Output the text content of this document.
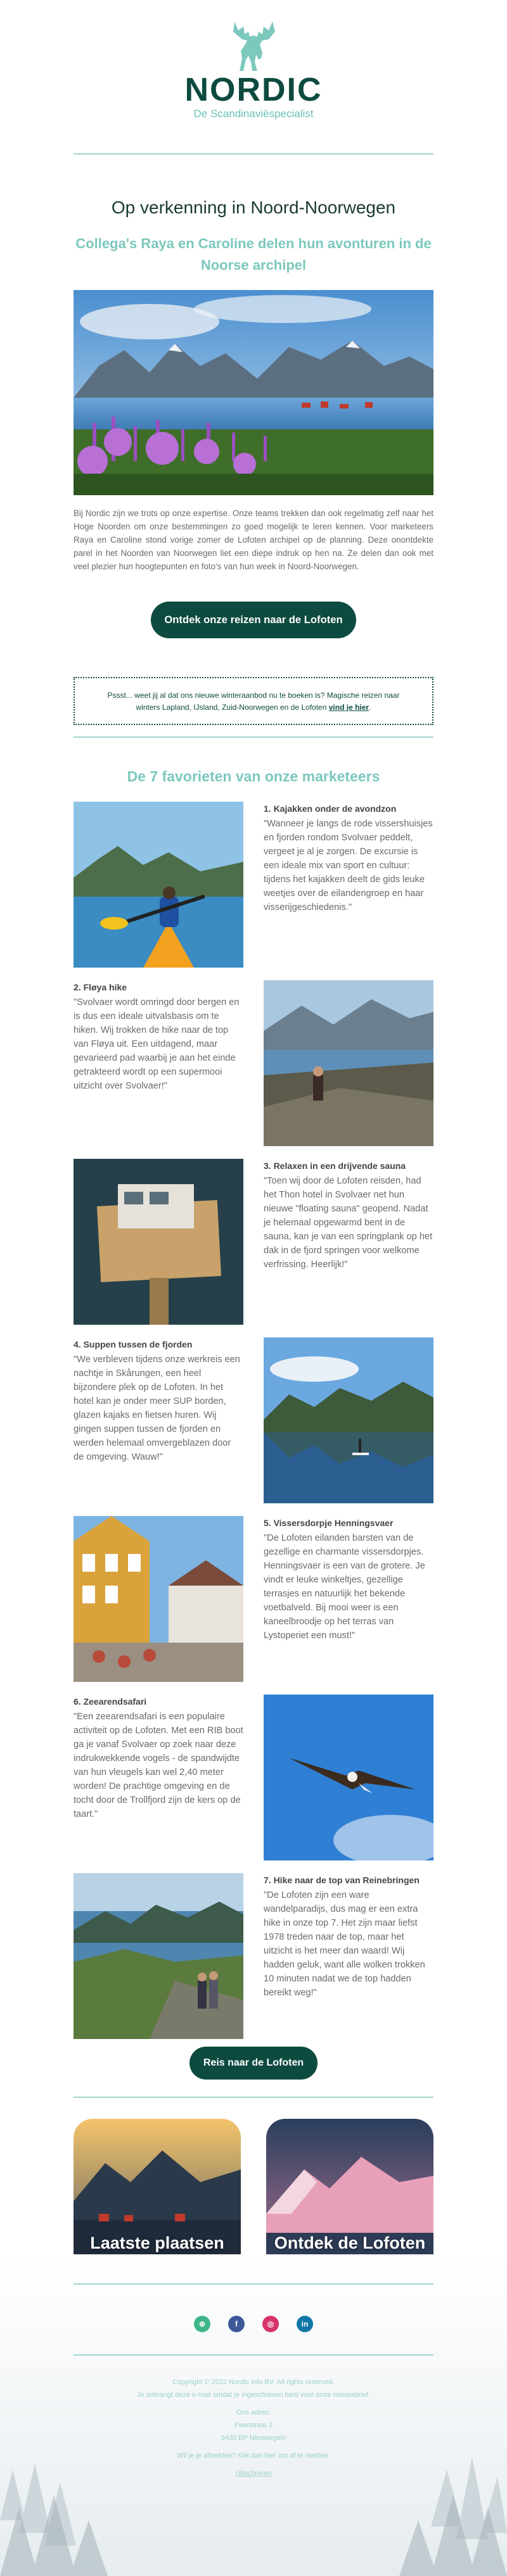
NORDIC
De Scandinaviëspecialist
Op verkenning in Noord-Noorwegen
Collega's Raya en Caroline delen hun avonturen in de Noorse archipel
Bij Nordic zijn we trots op onze expertise. Onze teams trekken dan ook regelmatig zelf naar het Hoge Noorden om onze bestemmingen zo goed mogelijk te leren kennen. Voor marketeers Raya en Caroline stond vorige zomer de Lofoten archipel op de planning. Deze onontdekte parel in het Noorden van Noorwegen liet een diepe indruk op hen na. Ze delen dan ook met veel plezier hun hoogtepunten en foto's van hun week in Noord-Noorwegen.
Ontdek onze reizen naar de Lofoten
Pssst... weet jij al dat ons nieuwe winteraanbod nu te boeken is? Magische reizen naar
winters Lapland, IJsland, Zuid-Noorwegen en de Lofoten vind je hier.
De 7 favorieten van onze marketeers
1. Kajakken onder de avondzon
"Wanneer je langs de rode vissershuisjes en fjorden rondom Svolvaer peddelt, vergeet je al je zorgen. De excursie is een ideale mix van sport en cultuur: tijdens het kajakken deelt de gids leuke weetjes over de eilandengroep en haar visserijgeschiedenis."
2. Fløya hike
"Svolvaer wordt omringd door bergen en is dus een ideale uitvalsbasis om te hiken. Wij trokken de hike naar de top van Fløya uit. Een uitdagend, maar gevarieerd pad waarbij je aan het einde getrakteerd wordt op een supermooi uitzicht over Svolvaer!"
3. Relaxen in een drijvende sauna
"Toen wij door de Lofoten reisden, had het Thon hotel in Svolvaer net hun nieuwe "floating sauna" geopend. Nadat je helemaal opgewarmd bent in de sauna, kan je van een springplank op het dak in de fjord springen voor welkome verfrissing. Heerlijk!"
4. Suppen tussen de fjorden
"We verbleven tijdens onze werkreis een nachtje in Skårungen, een heel bijzondere plek op de Lofoten. In het hotel kan je onder meer SUP borden, glazen kajaks en fietsen huren. Wij gingen suppen tussen de fjorden en werden helemaal omvergeblazen door de omgeving. Wauw!"
5. Vissersdorpje Henningsvaer
"De Lofoten eilanden barsten van de gezellige en charmante vissersdorpjes. Henningsvaer is een van de grotere. Je vindt er leuke winkeltjes, gezellige terrasjes en natuurlijk het bekende voetbalveld. Bij mooi weer is een kaneelbroodje op het terras van Lystoperiet een must!"
6. Zeearendsafari
"Een zeearendsafari is een populaire activiteit op de Lofoten. Met een RIB boot ga je vanaf Svolvaer op zoek naar deze indrukwekkende vogels - de spandwijdte van hun vleugels kan wel 2,40 meter worden! De prachtige omgeving en de tocht door de Trollfjord zijn de kers op de taart."
7. Hike naar de top van Reinebringen
"De Lofoten zijn een ware wandelparadijs, dus mag er een extra hike in onze top 7. Het zijn maar liefst 1978 treden naar de top, maar het uitzicht is het meer dan waard! Wij hadden geluk, want alle wolken trokken 10 minuten nadat we de top hadden bereikt weg!"
Reis naar de Lofoten
Laatste plaatsen	Ontdek de Lofoten
⊕	f	◎	in
Copyright © 2022 Nordic Info BV. All rights reserved.
Je ontvangt deze e-mail omdat je ingeschreven bent voor onze nieuwsbrief.
Ons adres:
Peerstraat 2
3430 BP Nieuwegein
Wil je je afmelden? Klik dan hier om af te melden.
Uitschrijven
